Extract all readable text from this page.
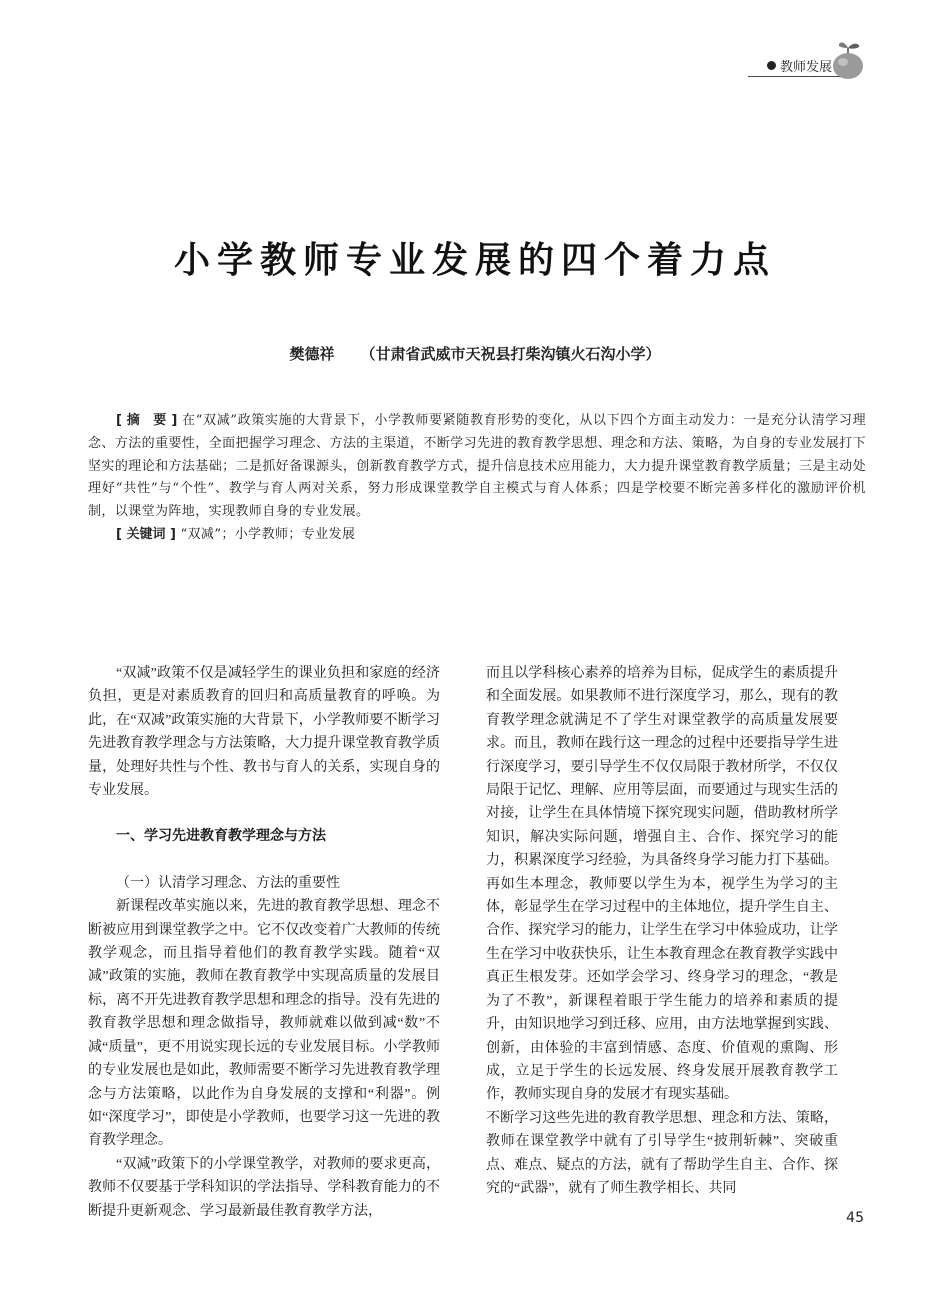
教师发展
小学教师专业发展的四个着力点
樊德祥 （甘肃省武威市天祝县打柴沟镇火石沟小学）

[ 摘　要 ] 在“双减”政策实施的大背景下，小学教师要紧随教育形势的变化，从以下四个方面主动发力：一是充分认清学习理念、方法的重要性，全面把握学习理念、方法的主渠道，不断学习先进的教育教学思想、理念和方法、策略，为自身的专业发展打下坚实的理论和方法基础；二是抓好备课源头，创新教育教学方式，提升信息技术应用能力，大力提升课堂教育教学质量；三是主动处理好“共性”与“个性”、教学与育人两对关系，努力形成课堂教学自主模式与育人体系；四是学校要不断完善多样化的激励评价机制，以课堂为阵地，实现教师自身的专业发展。

[ 关键词 ] “双减”；小学教师；专业发展

“双减”政策不仅是减轻学生的课业负担和家庭的经济负担，更是对素质教育的回归和高质量教育的呼唤。为此，在“双减”政策实施的大背景下，小学教师要不断学习先进教育教学理念与方法策略，大力提升课堂教育教学质量，处理好共性与个性、教书与育人的关系，实现自身的专业发展。

一、学习先进教育教学理念与方法
（一）认清学习理念、方法的重要性

新课程改革实施以来，先进的教育教学思想、理念不断被应用到课堂教学之中。它不仅改变着广大教师的传统教学观念，而且指导着他们的教育教学实践。随着“双减”政策的实施，教师在教育教学中实现高质量的发展目标，离不开先进教育教学思想和理念的指导。没有先进的教育教学思想和理念做指导，教师就难以做到减“数”不减“质量”，更不用说实现长远的专业发展目标。小学教师的专业发展也是如此，教师需要不断学习先进教育教学理念与方法策略，以此作为自身发展的支撑和“利器”。例如“深度学习”，即使是小学教师，也要学习这一先进的教育教学理念。

“双减”政策下的小学课堂教学，对教师的要求更高，教师不仅要基于学科知识的学法指导、学科教育能力的不断提升更新观念、学习最新最佳教育教学方法，

而且以学科核心素养的培养为目标，促成学生的素质提升和全面发展。如果教师不进行深度学习，那么，现有的教育教学理念就满足不了学生对课堂教学的高质量发展要求。而且，教师在践行这一理念的过程中还要指导学生进行深度学习，要引导学生不仅仅局限于教材所学，不仅仅局限于记忆、理解、应用等层面，而要通过与现实生活的对接，让学生在具体情境下探究现实问题，借助教材所学知识，解决实际问题，增强自主、合作、探究学习的能力，积累深度学习经验，为具备终身学习能力打下基础。再如生本理念，教师要以学生为本，视学生为学习的主体，彰显学生在学习过程中的主体地位，提升学生自主、合作、探究学习的能力，让学生在学习中体验成功，让学生在学习中收获快乐，让生本教育理念在教育教学实践中真正生根发芽。还如学会学习、终身学习的理念，“教是为了不教”，新课程着眼于学生能力的培养和素质的提升，由知识地学习到迁移、应用，由方法地掌握到实践、创新，由体验的丰富到情感、态度、价值观的熏陶、形成，立足于学生的长远发展、终身发展开展教育教学工作，教师实现自身的发展才有现实基础。

不断学习这些先进的教育教学思想、理念和方法、策略，教师在课堂教学中就有了引导学生“披荆斩棘”、突破重点、难点、疑点的方法，就有了帮助学生自主、合作、探究的“武器”，就有了师生教学相长、共同

45
